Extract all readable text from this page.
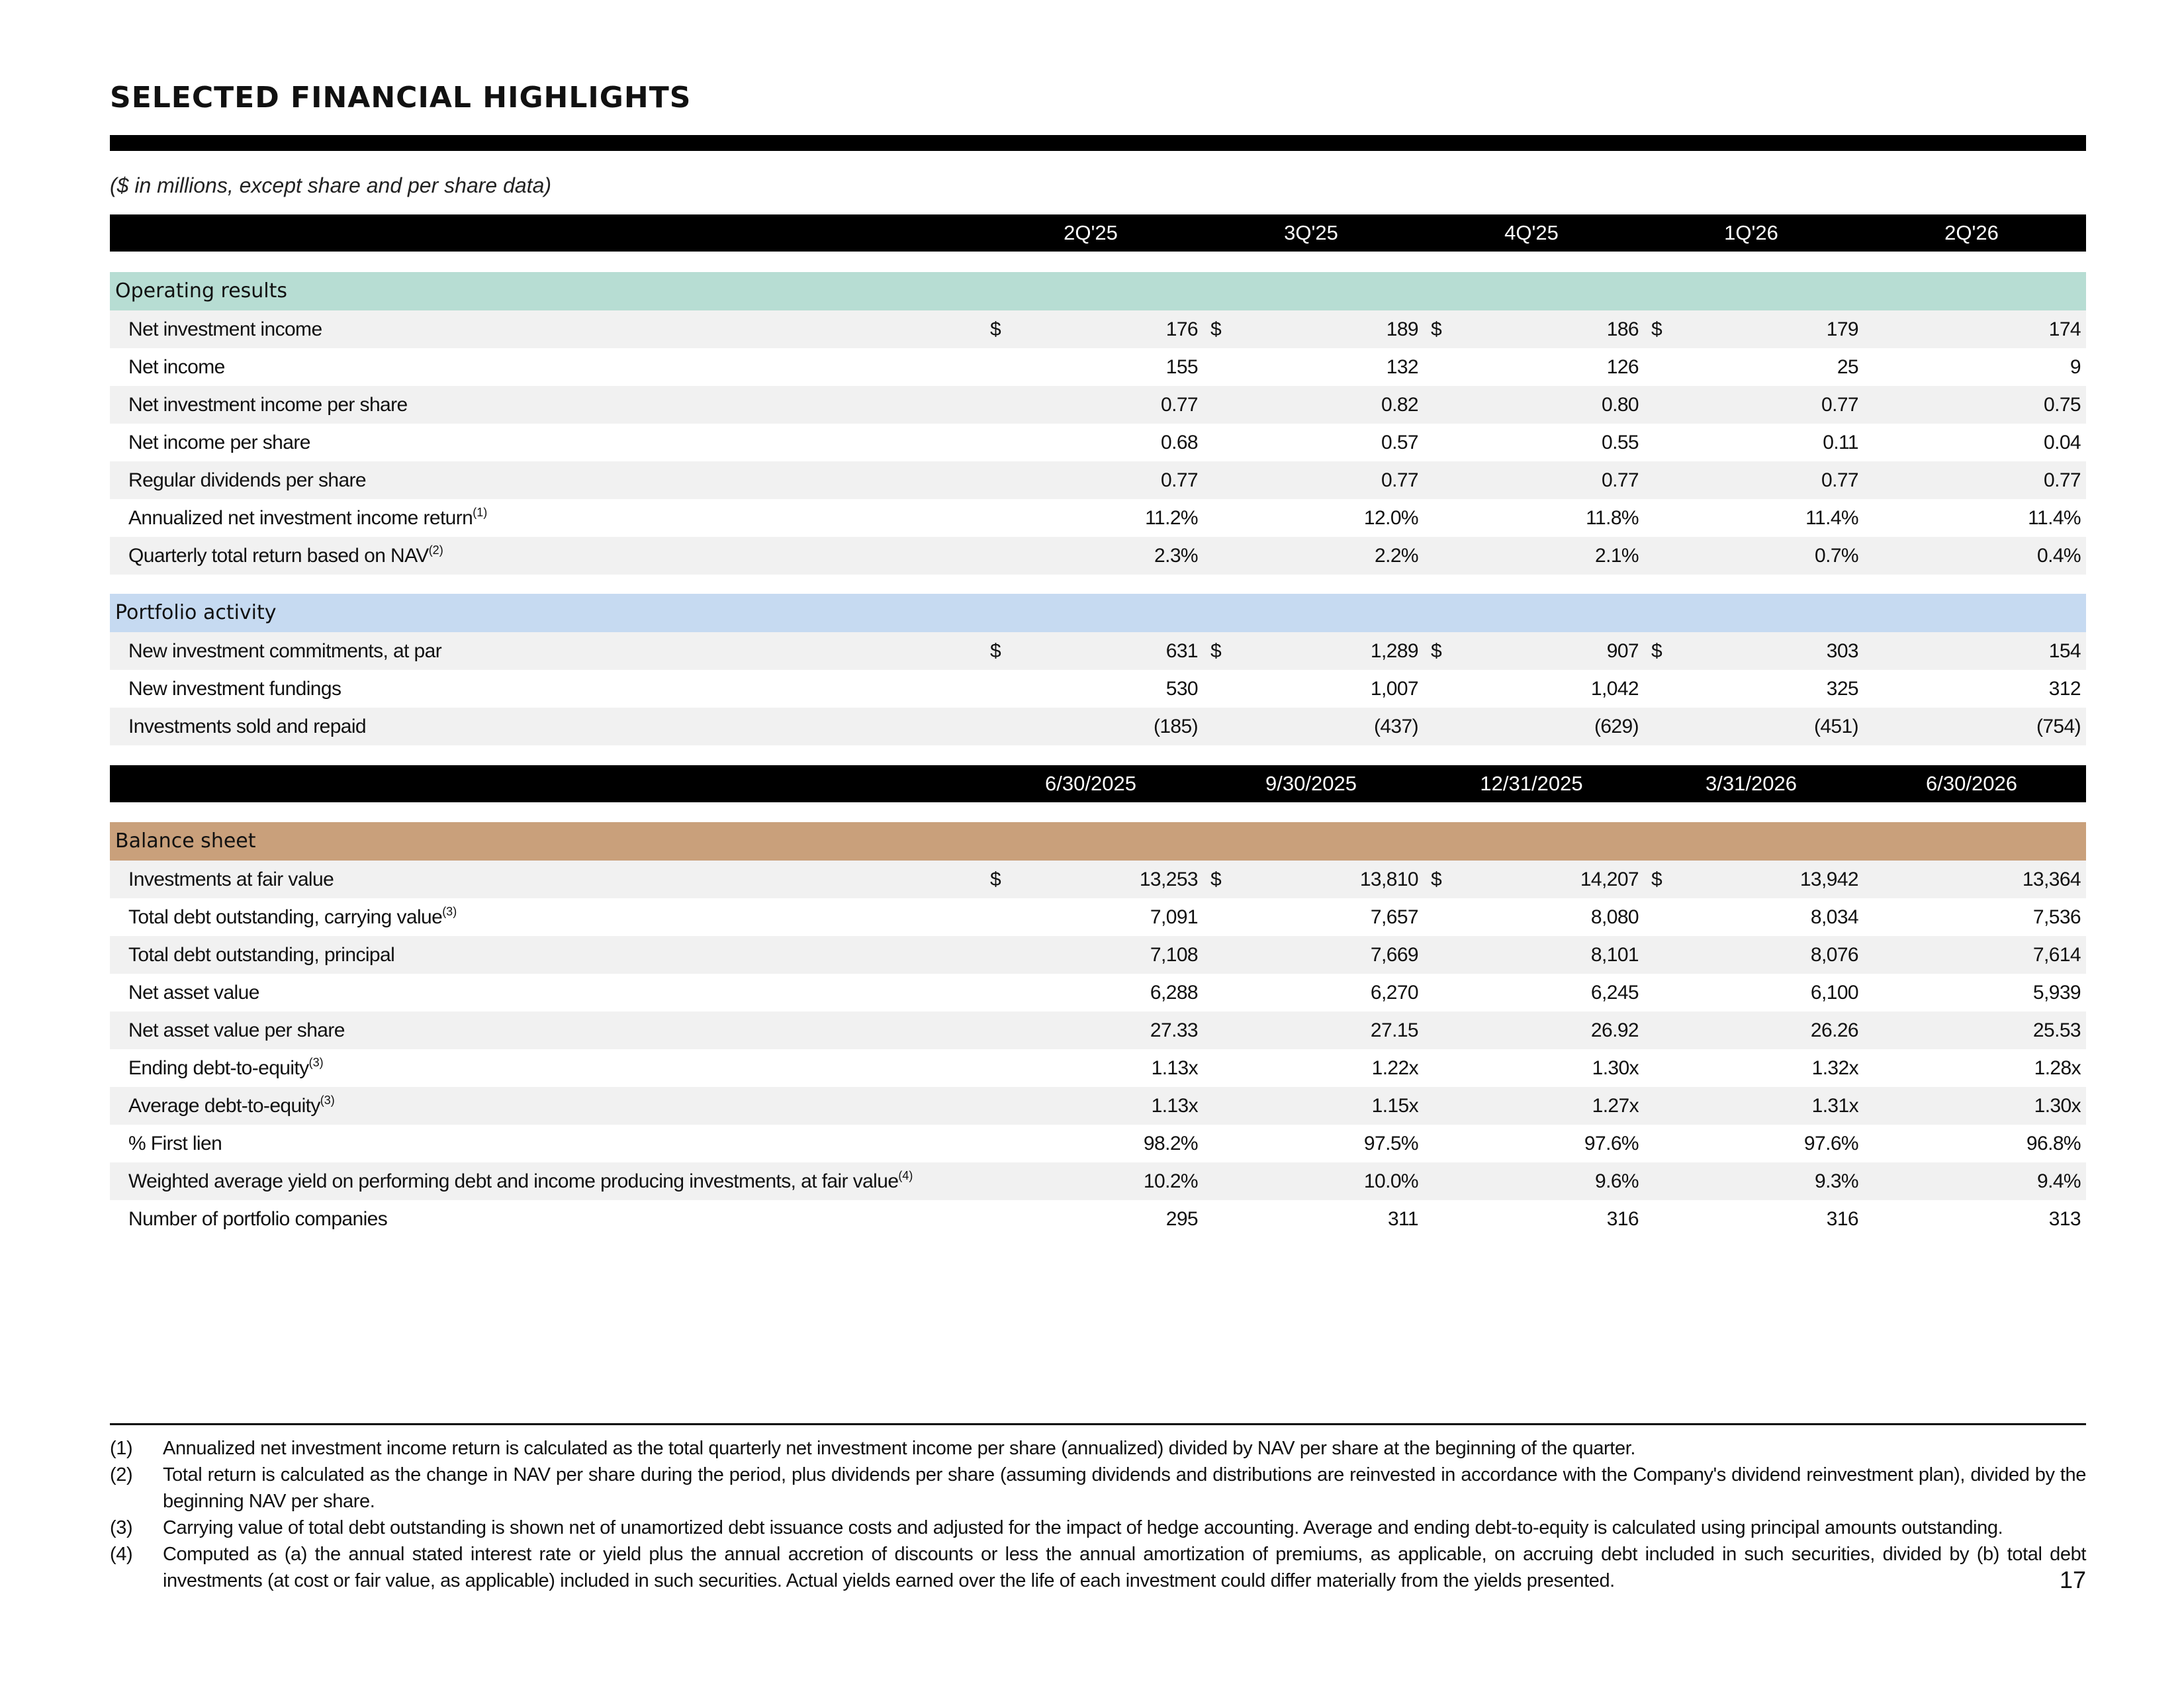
SELECTED FINANCIAL HIGHLIGHTS
($ in millions, except share and per share data)
2Q'25	3Q'25	4Q'25	1Q'26	2Q'26
Operating results
Net investment income	$	176 $	189 $	186 $	179	174
Net income	155	132	126	25	9
Net investment income per share	0.77	0.82	0.80	0.77	0.75
Net income per share	0.68	0.57	0.55	0.11	0.04
Regular dividends per share	0.77	0.77	0.77	0.77	0.77
Annualized net investment income return$^{(1)}$	11.2%	12.0%	11.8%	11.4%	11.4%
Quarterly total return based on NAV$^{(2)}$	2.3%	2.2%	2.1%	0.7%	0.4%
Portfolio activity
New investment commitments, at par	$	631 $	1,289 $	907 $	303	154
New investment fundings	530	1,007	1,042	325	312
Investments sold and repaid	(185)	(437)	(629)	(451)	(754)
6/30/2025	9/30/2025	12/31/2025	3/31/2026	6/30/2026
Balance sheet
Investments at fair value	$	13,253 $	13,810 $	14,207 $	13,942	13,364
Total debt outstanding, carrying value$^{(3)}$	7,091	7,657	8,080	8,034	7,536
Total debt outstanding, principal	7,108	7,669	8,101	8,076	7,614
Net asset value	6,288	6,270	6,245	6,100	5,939
Net asset value per share	27.33	27.15	26.92	26.26	25.53
Ending debt-to-equity$^{(3)}$	1.13x	1.22x	1.30x	1.32x	1.28x
Average debt-to-equity$^{(3)}$	1.13x	1.15x	1.27x	1.31x	1.30x
% First lien	98.2%	97.5%	97.6%	97.6%	96.8%
Weighted average yield on performing debt and income producing investments, at fair value$^{(4)}$	10.2%	10.0%	9.6%	9.3%	9.4%
Number of portfolio companies	295	311	316	316	313
(1) Annualized net investment income return is calculated as the total quarterly net investment income per share (annualized) divided by NAV per share at the beginning of the quarter.
(2) Total return is calculated as the change in NAV per share during the period, plus dividends per share (assuming dividends and distributions are reinvested in accordance with the Company's dividend reinvestment plan), divided by the beginning NAV per share.
(3) Carrying value of total debt outstanding is shown net of unamortized debt issuance costs and adjusted for the impact of hedge accounting. Average and ending debt-to-equity is calculated using principal amounts outstanding.
(4) Computed as (a) the annual stated interest rate or yield plus the annual accretion of discounts or less the annual amortization of premiums, as applicable, on accruing debt included in such securities, divided by (b) total debt investments (at cost or fair value, as applicable) included in such securities. Actual yields earned over the life of each investment could differ materially from the yields presented.	17
